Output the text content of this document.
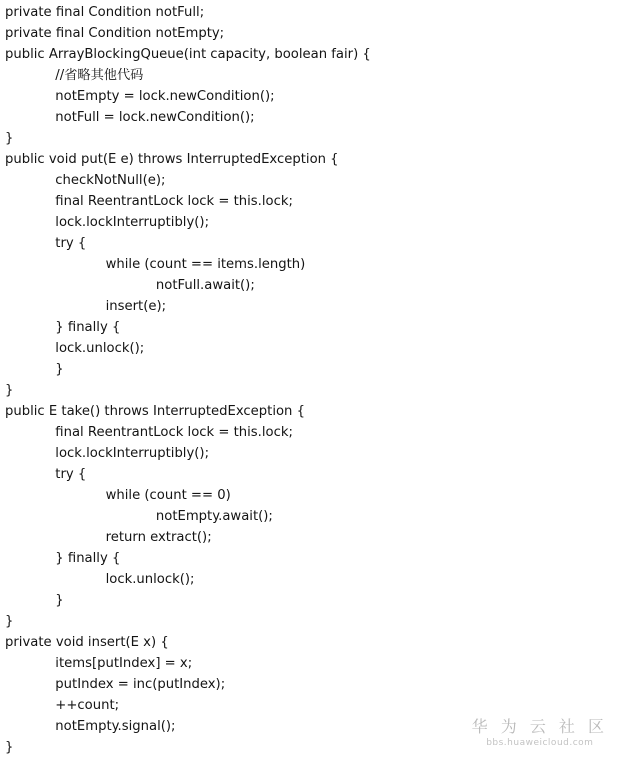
private final Condition notFull;
private final Condition notEmpty;
public ArrayBlockingQueue(int capacity, boolean fair) {
//省略其他代码
notEmpty = lock.newCondition();
notFull = lock.newCondition();
}
public void put(E e) throws InterruptedException {
checkNotNull(e);
final ReentrantLock lock = this.lock;
lock.lockInterruptibly();
try {
while (count == items.length)
notFull.await();
insert(e);
} finally {
lock.unlock();
}
}
public E take() throws InterruptedException {
final ReentrantLock lock = this.lock;
lock.lockInterruptibly();
try {
while (count == 0)
notEmpty.await();
return extract();
} finally {
lock.unlock();
}
}
private void insert(E x) {
items[putIndex] = x;
putIndex = inc(putIndex);
++count;
notEmpty.signal();
}
华 为 云 社 区
bbs.huaweicloud.com
